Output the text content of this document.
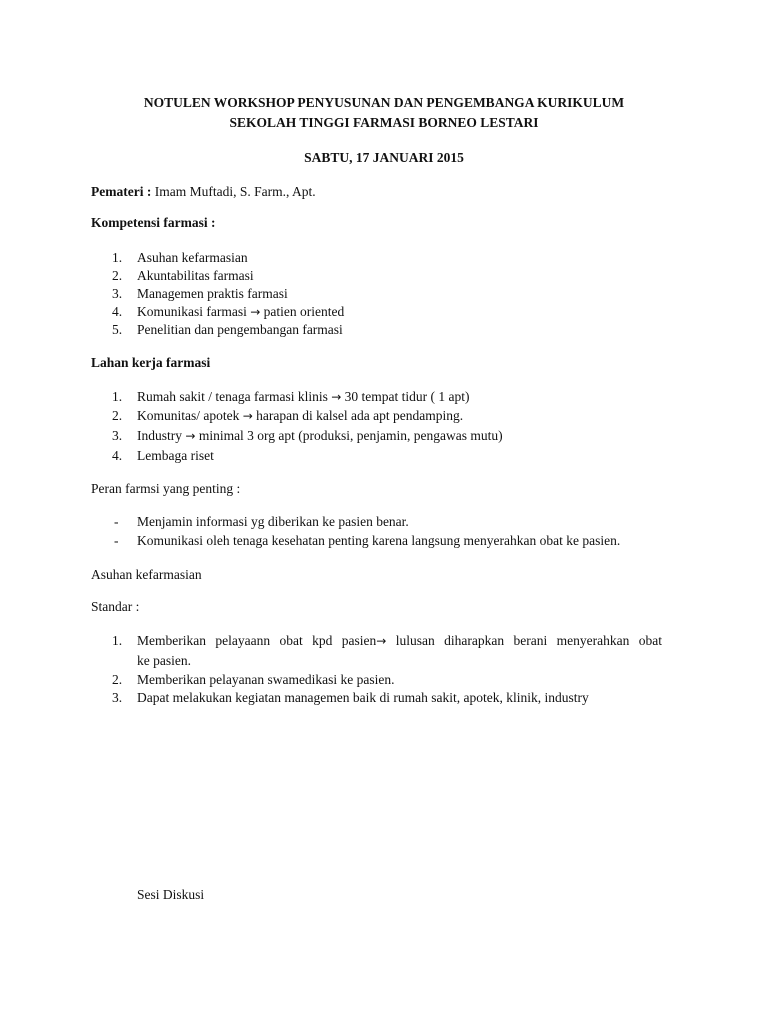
NOTULEN WORKSHOP PENYUSUNAN DAN PENGEMBANGA KURIKULUM
SEKOLAH TINGGI FARMASI BORNEO LESTARI
SABTU, 17 JANUARI 2015
Pemateri : Imam Muftadi, S. Farm., Apt.
Kompetensi farmasi :
1. Asuhan kefarmasian
2. Akuntabilitas farmasi
3. Managemen praktis farmasi
4. Komunikasi farmasi → patien oriented
5. Penelitian dan pengembangan farmasi
Lahan kerja farmasi
1. Rumah sakit / tenaga farmasi klinis → 30 tempat tidur ( 1 apt)
2. Komunitas/ apotek → harapan di kalsel ada apt pendamping.
3. Industry → minimal 3 org apt (produksi, penjamin, pengawas mutu)
4. Lembaga riset
Peran farmsi yang penting :
- Menjamin informasi yg diberikan ke pasien benar.
- Komunikasi oleh tenaga kesehatan penting karena langsung menyerahkan obat ke pasien.
Asuhan kefarmasian
Standar :
1. Memberikan pelayaann obat kpd pasien→ lulusan diharapkan berani menyerahkan obat
ke pasien.
2. Memberikan pelayanan swamedikasi ke pasien.
3. Dapat melakukan kegiatan managemen baik di rumah sakit, apotek, klinik, industry
Sesi Diskusi
